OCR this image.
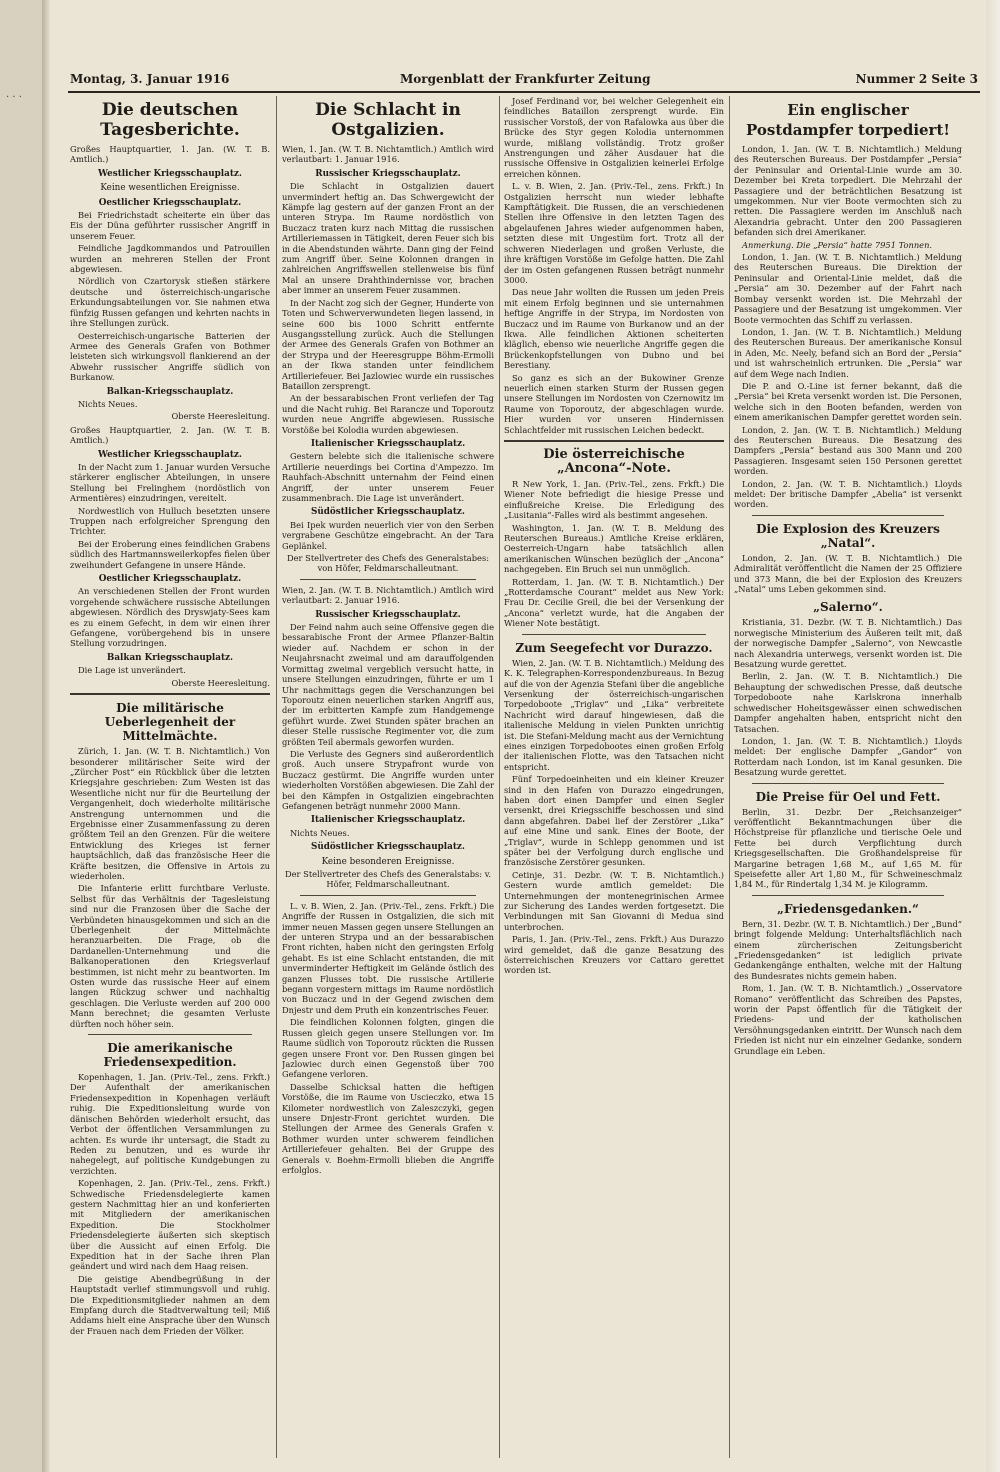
· · ·
Montag, 3. Januar 1916	Morgenblatt der Frankfurter Zeitung	Nummer 2 Seite 3
Die deutschen Tagesberichte.
Großes Hauptquartier, 1. Jan. (W. T. B. Amtlich.)
Westlicher Kriegsschauplatz.
Keine wesentlichen Ereignisse.
Oestlicher Kriegsschauplatz.

Bei Friedrichstadt scheiterte ein über das Eis der Düna geführter russischer Angriff in unserem Feuer.

Feindliche Jagdkommandos und Patrouillen wurden an mehreren Stellen der Front abgewiesen.

Nördlich von Czartorysk stießen stärkere deutsche und österreichisch-ungarische Erkundungsabteilungen vor. Sie nahmen etwa fünfzig Russen gefangen und kehrten nachts in ihre Stellungen zurück.

Oesterreichisch-ungarische Batterien der Armee des Generals Grafen von Bothmer leisteten sich wirkungsvoll flankierend an der Abwehr russischer Angriffe südlich von Burkanow.

Balkan-Kriegsschauplatz.

Nichts Neues.

Oberste Heeresleitung.
Großes Hauptquartier, 2. Jan. (W. T. B. Amtlich.)
Westlicher Kriegsschauplatz.

In der Nacht zum 1. Januar wurden Versuche stärkerer englischer Abteilungen, in unsere Stellung bei Frelinghem (nordöstlich von Armentières) einzudringen, vereitelt.

Nordwestlich von Hulluch besetzten unsere Truppen nach erfolgreicher Sprengung den Trichter.

Bei der Eroberung eines feindlichen Grabens südlich des Hartmannsweilerkopfes fielen über zweihundert Gefangene in unsere Hände.

Oestlicher Kriegsschauplatz.

An verschiedenen Stellen der Front wurden vorgehende schwächere russische Abteilungen abgewiesen. Nördlich des Dryswjaty-Sees kam es zu einem Gefecht, in dem wir einen ihrer Gefangene, vorübergehend bis in unsere Stellung vorzudringen.

Balkan Kriegsschauplatz.

Die Lage ist unverändert.

Oberste Heeresleitung.
Die militärische Ueberlegenheit der Mittelmächte.

Zürich, 1. Jan. (W. T. B. Nichtamtlich.) Von besonderer militärischer Seite wird der „Zürcher Post“ ein Rückblick über die letzten Kriegsjahre geschrieben: Zum Westen ist das Wesentliche nicht nur für die Beurteilung der Vergangenheit, doch wiederholte militärische Anstrengung unternommen und die Ergebnisse einer Zusammenfassung zu deren größtem Teil an den Grenzen. Für die weitere Entwicklung des Krieges ist ferner hauptsächlich, daß das französische Heer die Kräfte besitzen, die Offensive in Artois zu wiederholen.

Die Infanterie erlitt furchtbare Verluste. Selbst für das Verhältnis der Tagesleistung sind nur die Franzosen über die Sache der Verbündeten hinausgekommen und sich an die Überlegenheit der Mittelmächte heranzuarbeiten. Die Frage, ob die Dardanellen-Unternehmung und die Balkanoperationen den Kriegsverlauf bestimmen, ist nicht mehr zu beantworten. Im Osten wurde das russische Heer auf einem langen Rückzug schwer und nachhaltig geschlagen. Die Verluste werden auf 200 000 Mann berechnet; die gesamten Verluste dürften noch höher sein.

Die amerikanische Friedensexpedition.

Kopenhagen, 1. Jan. (Priv.-Tel., zens. Frkft.) Der Aufenthalt der amerikanischen Friedensexpedition in Kopenhagen verläuft ruhig. Die Expeditionsleitung wurde von dänischen Behörden wiederholt ersucht, das Verbot der öffentlichen Versammlungen zu achten. Es wurde ihr untersagt, die Stadt zu Reden zu benutzen, und es wurde ihr nahegelegt, auf politische Kundgebungen zu verzichten.

Kopenhagen, 2. Jan. (Priv.-Tel., zens. Frkft.) Schwedische Friedensdelegierte kamen gestern Nachmittag hier an und konferierten mit Mitgliedern der amerikanischen Expedition. Die Stockholmer Friedensdelegierte äußerten sich skeptisch über die Aussicht auf einen Erfolg. Die Expedition hat in der Sache ihren Plan geändert und wird nach dem Haag reisen.

Die geistige Abendbegrüßung in der Hauptstadt verlief stimmungsvoll und ruhig. Die Expeditionsmitglieder nahmen an dem Empfang durch die Stadtverwaltung teil; Miß Addams hielt eine Ansprache über den Wunsch der Frauen nach dem Frieden der Völker.

Die Schlacht in Ostgalizien.
Wien, 1. Jan. (W. T. B. Nichtamtlich.) Amtlich wird verlautbart: 1. Januar 1916.
Russischer Kriegsschauplatz.

Die Schlacht in Ostgalizien dauert unvermindert heftig an. Das Schwergewicht der Kämpfe lag gestern auf der ganzen Front an der unteren Strypa. Im Raume nordöstlich von Buczacz traten kurz nach Mittag die russischen Artilleriemassen in Tätigkeit, deren Feuer sich bis in die Abendstunden währte. Dann ging der Feind zum Angriff über. Seine Kolonnen drangen in zahlreichen Angriffswellen stellenweise bis fünf Mal an unsere Drahthindernisse vor, brachen aber immer an unserem Feuer zusammen.

In der Nacht zog sich der Gegner, Hunderte von Toten und Schwerverwundeten liegen lassend, in seine 600 bis 1000 Schritt entfernte Ausgangsstellung zurück. Auch die Stellungen der Armee des Generals Grafen von Bothmer an der Strypa und der Heeresgruppe Böhm-Ermolli an der Ikwa standen unter feindlichem Artilleriefeuer. Bei Jazlowiec wurde ein russisches Bataillon zersprengt.

An der bessarabischen Front verliefen der Tag und die Nacht ruhig. Bei Rarancze und Toporoutz wurden neue Angriffe abgewiesen. Russische Vorstöße bei Kolodia wurden abgewiesen.

Italienischer Kriegsschauplatz.

Gestern belebte sich die italienische schwere Artillerie neuerdings bei Cortina d'Ampezzo. Im Rauhfach-Abschnitt unternahm der Feind einen Angriff, der unter unserem Feuer zusammenbrach. Die Lage ist unverändert.

Südöstlicher Kriegsschauplatz.

Bei Ipek wurden neuerlich vier von den Serben vergrabene Geschütze eingebracht. An der Tara Geplänkel.

Der Stellvertreter des Chefs des Generalstabes: von Höfer, Feldmarschalleutnant.
Wien, 2. Jan. (W. T. B. Nichtamtlich.) Amtlich wird verlautbart: 2. Januar 1916.
Russischer Kriegsschauplatz.

Der Feind nahm auch seine Offensive gegen die bessarabische Front der Armee Pflanzer-Baltin wieder auf. Nachdem er schon in der Neujahrsnacht zweimal und am darauffolgenden Vormittag zweimal vergeblich versucht hatte, in unsere Stellungen einzudringen, führte er um 1 Uhr nachmittags gegen die Verschanzungen bei Toporoutz einen neuerlichen starken Angriff aus, der im erbitterten Kampfe zum Handgemenge geführt wurde. Zwei Stunden später brachen an dieser Stelle russische Regimenter vor, die zum größten Teil abermals geworfen wurden.

Die Verluste des Gegners sind außerordentlich groß. Auch unsere Strypafront wurde von Buczacz gestürmt. Die Angriffe wurden unter wiederholten Vorstößen abgewiesen. Die Zahl der bei den Kämpfen in Ostgalizien eingebrachten Gefangenen beträgt nunmehr 2000 Mann.

Italienischer Kriegsschauplatz.

Nichts Neues.

Südöstlicher Kriegsschauplatz.
Keine besonderen Ereignisse.
Der Stellvertreter des Chefs des Generalstabs: v. Höfer, Feldmarschalleutnant.

L. v. B. Wien, 2. Jan. (Priv.-Tel., zens. Frkft.) Die Angriffe der Russen in Ostgalizien, die sich mit immer neuen Massen gegen unsere Stellungen an der unteren Strypa und an der bessarabischen Front richten, haben nicht den geringsten Erfolg gehabt. Es ist eine Schlacht entstanden, die mit unverminderter Heftigkeit im Gelände östlich des ganzen Flusses tobt. Die russische Artillerie begann vorgestern mittags im Raume nordöstlich von Buczacz und in der Gegend zwischen dem Dnjestr und dem Pruth ein konzentrisches Feuer.

Die feindlichen Kolonnen folgten, gingen die Russen gleich gegen unsere Stellungen vor. Im Raume südlich von Toporoutz rückten die Russen gegen unsere Front vor. Den Russen gingen bei Jazlowiec durch einen Gegenstoß über 700 Gefangene verloren.

Dasselbe Schicksal hatten die heftigen Vorstöße, die im Raume von Uscieczko, etwa 15 Kilometer nordwestlich von Zaleszczyki, gegen unsere Dnjestr-Front gerichtet wurden. Die Stellungen der Armee des Generals Grafen v. Bothmer wurden unter schwerem feindlichen Artilleriefeuer gehalten. Bei der Gruppe des Generals v. Boehm-Ermolli blieben die Angriffe erfolglos.

Josef Ferdinand vor, bei welcher Gelegenheit ein feindliches Bataillon zersprengt wurde. Ein russischer Vorstoß, der von Rafalowka aus über die Brücke des Styr gegen Kolodia unternommen wurde, mißlang vollständig. Trotz großer Anstrengungen und zäher Ausdauer hat die russische Offensive in Ostgalizien keinerlei Erfolge erreichen können.

L. v. B. Wien, 2. Jan. (Priv.-Tel., zens. Frkft.) In Ostgalizien herrscht nun wieder lebhafte Kampftätigkeit. Die Russen, die an verschiedenen Stellen ihre Offensive in den letzten Tagen des abgelaufenen Jahres wieder aufgenommen haben, setzten diese mit Ungestüm fort. Trotz all der schweren Niederlagen und großen Verluste, die ihre kräftigen Vorstöße im Gefolge hatten. Die Zahl der im Osten gefangenen Russen beträgt nunmehr 3000.

Das neue Jahr wollten die Russen um jeden Preis mit einem Erfolg beginnen und sie unternahmen heftige Angriffe in der Strypa, im Nordosten von Buczacz und im Raume von Burkanow und an der Ikwa. Alle feindlichen Aktionen scheiterten kläglich, ebenso wie neuerliche Angriffe gegen die Brückenkopfstellungen von Dubno und bei Berestiany.

So ganz es sich an der Bukowiner Grenze neuerlich einen starken Sturm der Russen gegen unsere Stellungen im Nordosten von Czernowitz im Raume von Toporoutz, der abgeschlagen wurde. Hier wurden vor unseren Hindernissen Schlachtfelder mit russischen Leichen bedeckt.

Die österreichische „Ancona“-Note.

R New York, 1. Jan. (Priv.-Tel., zens. Frkft.) Die Wiener Note befriedigt die hiesige Presse und einflußreiche Kreise. Die Erledigung des „Lusitania“-Falles wird als bestimmt angesehen.

Washington, 1. Jan. (W. T. B. Meldung des Reuterschen Bureaus.) Amtliche Kreise erklären, Oesterreich-Ungarn habe tatsächlich allen amerikanischen Wünschen bezüglich der „Ancona“ nachgegeben. Ein Bruch sei nun unmöglich.

Rotterdam, 1. Jan. (W. T. B. Nichtamtlich.) Der „Rotterdamsche Courant“ meldet aus New York: Frau Dr. Cecilie Greil, die bei der Versenkung der „Ancona“ verletzt wurde, hat die Angaben der Wiener Note bestätigt.

Zum Seegefecht vor Durazzo.

Wien, 2. Jan. (W. T. B. Nichtamtlich.) Meldung des K. K. Telegraphen-Korrespondenzbureaus. In Bezug auf die von der Agenzia Stefani über die angebliche Versenkung der österreichisch-ungarischen Torpedoboote „Triglav“ und „Lika“ verbreitete Nachricht wird darauf hingewiesen, daß die italienische Meldung in vielen Punkten unrichtig ist. Die Stefani-Meldung macht aus der Vernichtung eines einzigen Torpedobootes einen großen Erfolg der italienischen Flotte, was den Tatsachen nicht entspricht.

Fünf Torpedoeinheiten und ein kleiner Kreuzer sind in den Hafen von Durazzo eingedrungen, haben dort einen Dampfer und einen Segler versenkt, drei Kriegsschiffe beschossen und sind dann abgefahren. Dabei lief der Zerstörer „Lika“ auf eine Mine und sank. Eines der Boote, der „Triglav“, wurde in Schlepp genommen und ist später bei der Verfolgung durch englische und französische Zerstörer gesunken.

Cetinje, 31. Dezbr. (W. T. B. Nichtamtlich.) Gestern wurde amtlich gemeldet: Die Unternehmungen der montenegrinischen Armee zur Sicherung des Landes werden fortgesetzt. Die Verbindungen mit San Giovanni di Medua sind unterbrochen.

Paris, 1. Jan. (Priv.-Tel., zens. Frkft.) Aus Durazzo wird gemeldet, daß die ganze Besatzung des österreichischen Kreuzers vor Cattaro gerettet worden ist.

Ein englischer Postdampfer torpediert!

London, 1. Jan. (W. T. B. Nichtamtlich.) Meldung des Reuterschen Bureaus. Der Postdampfer „Persia“ der Peninsular and Oriental-Linie wurde am 30. Dezember bei Kreta torpediert. Die Mehrzahl der Passagiere und der beträchtlichen Besatzung ist umgekommen. Nur vier Boote vermochten sich zu retten. Die Passagiere werden im Anschluß nach Alexandria gebracht. Unter den 200 Passagieren befanden sich drei Amerikaner.

Anmerkung. Die „Persia“ hatte 7951 Tonnen.

London, 1. Jan. (W. T. B. Nichtamtlich.) Meldung des Reuterschen Bureaus. Die Direktion der Peninsular and Oriental-Linie meldet, daß die „Persia“ am 30. Dezember auf der Fahrt nach Bombay versenkt worden ist. Die Mehrzahl der Passagiere und der Besatzung ist umgekommen. Vier Boote vermochten das Schiff zu verlassen.

London, 1. Jan. (W. T. B. Nichtamtlich.) Meldung des Reuterschen Bureaus. Der amerikanische Konsul in Aden, Mc. Neely, befand sich an Bord der „Persia“ und ist wahrscheinlich ertrunken. Die „Persia“ war auf dem Wege nach Indien.

Die P. and O.-Line ist ferner bekannt, daß die „Persia“ bei Kreta versenkt worden ist. Die Personen, welche sich in den Booten befanden, werden von einem amerikanischen Dampfer gerettet worden sein.

London, 2. Jan. (W. T. B. Nichtamtlich.) Meldung des Reuterschen Bureaus. Die Besatzung des Dampfers „Persia“ bestand aus 300 Mann und 200 Passagieren. Insgesamt seien 150 Personen gerettet worden.

London, 2. Jan. (W. T. B. Nichtamtlich.) Lloyds meldet: Der britische Dampfer „Abelia“ ist versenkt worden.

Die Explosion des Kreuzers „Natal“.

London, 2. Jan. (W. T. B. Nichtamtlich.) Die Admiralität veröffentlicht die Namen der 25 Offiziere und 373 Mann, die bei der Explosion des Kreuzers „Natal“ ums Leben gekommen sind.

„Salerno“.

Kristiania, 31. Dezbr. (W. T. B. Nichtamtlich.) Das norwegische Ministerium des Äußeren teilt mit, daß der norwegische Dampfer „Salerno“, von Newcastle nach Alexandria unterwegs, versenkt worden ist. Die Besatzung wurde gerettet.

Berlin, 2. Jan. (W. T. B. Nichtamtlich.) Die Behauptung der schwedischen Presse, daß deutsche Torpedoboote nahe Karlskrona innerhalb schwedischer Hoheitsgewässer einen schwedischen Dampfer angehalten haben, entspricht nicht den Tatsachen.

London, 1. Jan. (W. T. B. Nichtamtlich.) Lloyds meldet: Der englische Dampfer „Gandor“ von Rotterdam nach London, ist im Kanal gesunken. Die Besatzung wurde gerettet.

Die Preise für Oel und Fett.

Berlin, 31. Dezbr. Der „Reichsanzeiger“ veröffentlicht Bekanntmachungen über die Höchstpreise für pflanzliche und tierische Oele und Fette bei durch Verpflichtung durch Kriegsgesellschaften. Die Großhandelspreise für Margarine betragen 1,68 M., auf 1,65 M. für Speisefette aller Art 1,80 M., für Schweineschmalz 1,84 M., für Rindertalg 1,34 M. je Kilogramm.

„Friedensgedanken.“

Bern, 31. Dezbr. (W. T. B. Nichtamtlich.) Der „Bund“ bringt folgende Meldung: Unterhaltsflächlich nach einem zürcherischen Zeitungsbericht „Friedensgedanken“ ist lediglich private Gedankengänge enthalten, welche mit der Haltung des Bundesrates nichts gemein haben.

Rom, 1. Jan. (W. T. B. Nichtamtlich.) „Osservatore Romano“ veröffentlicht das Schreiben des Papstes, worin der Papst öffentlich für die Tätigkeit der Friedens- und der katholischen Versöhnungsgedanken eintritt. Der Wunsch nach dem Frieden ist nicht nur ein einzelner Gedanke, sondern Grundlage ein Leben.
